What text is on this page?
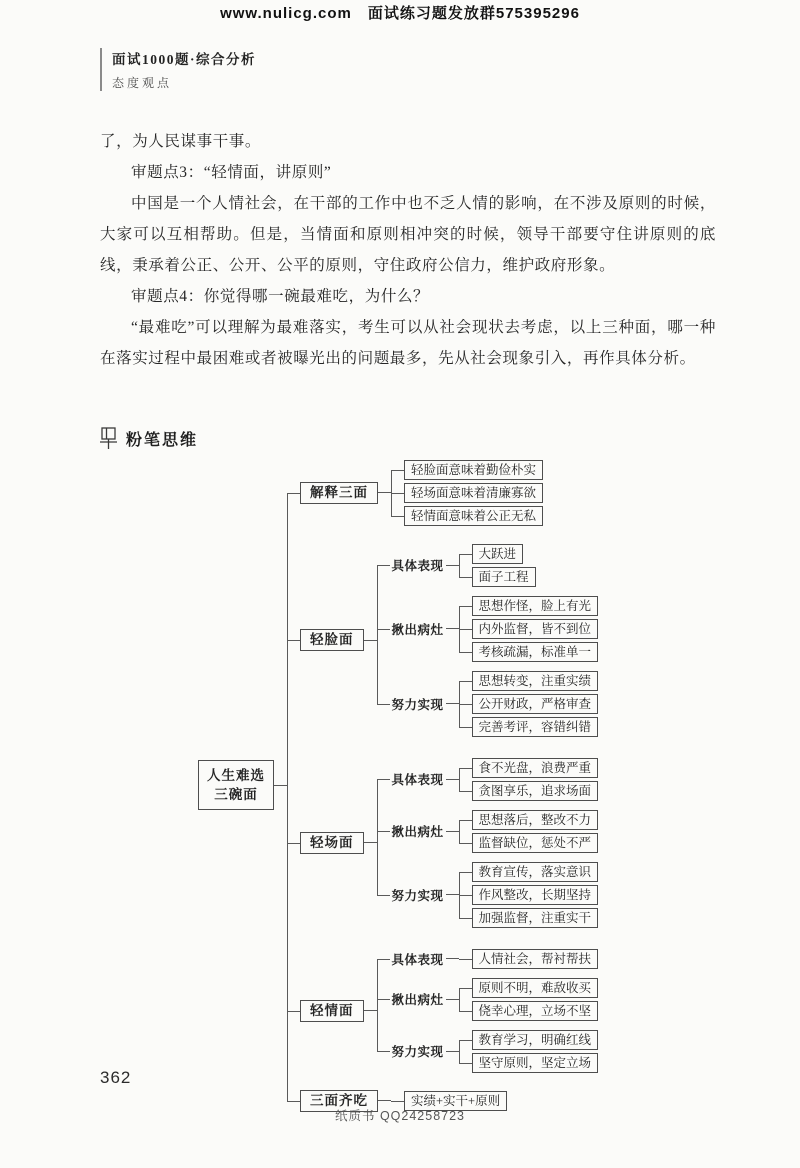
www.nulicg.com　面试练习题发放群575395296
面试1000题·综合分析
态度观点

了，为人民谋事干事。

审题点3：“轻情面，讲原则”

中国是一个人情社会，在干部的工作中也不乏人情的影响，在不涉及原则的时候，大家可以互相帮助。但是，当情面和原则相冲突的时候，领导干部要守住讲原则的底线，秉承着公正、公开、公平的原则，守住政府公信力，维护政府形象。

审题点4：你觉得哪一碗最难吃，为什么？

“最难吃”可以理解为最难落实，考生可以从社会现状去考虑，以上三种面，哪一种在落实过程中最困难或者被曝光出的问题最多，先从社会现象引入，再作具体分析。

粉笔思维
人生难选
三碗面
解释三面
轻脸面意味着勤俭朴实
轻场面意味着清廉寡欲
轻情面意味着公正无私
轻脸面
具体表现
大跃进
面子工程
揪出病灶
思想作怪，脸上有光
内外监督，皆不到位
考核疏漏，标准单一
努力实现
思想转变，注重实绩
公开财政，严格审查
完善考评，容错纠错
轻场面
具体表现
食不光盘，浪费严重
贪图享乐，追求场面
揪出病灶
思想落后，整改不力
监督缺位，惩处不严
努力实现
教育宣传，落实意识
作风整改，长期坚持
加强监督，注重实干
轻情面
具体表现	人情社会，帮衬帮扶
揪出病灶
原则不明，难敌收买
侥幸心理，立场不坚
努力实现
教育学习，明确红线
坚守原则，坚定立场
三面齐吃	实绩+实干+原则
362
纸质书 QQ24258723
